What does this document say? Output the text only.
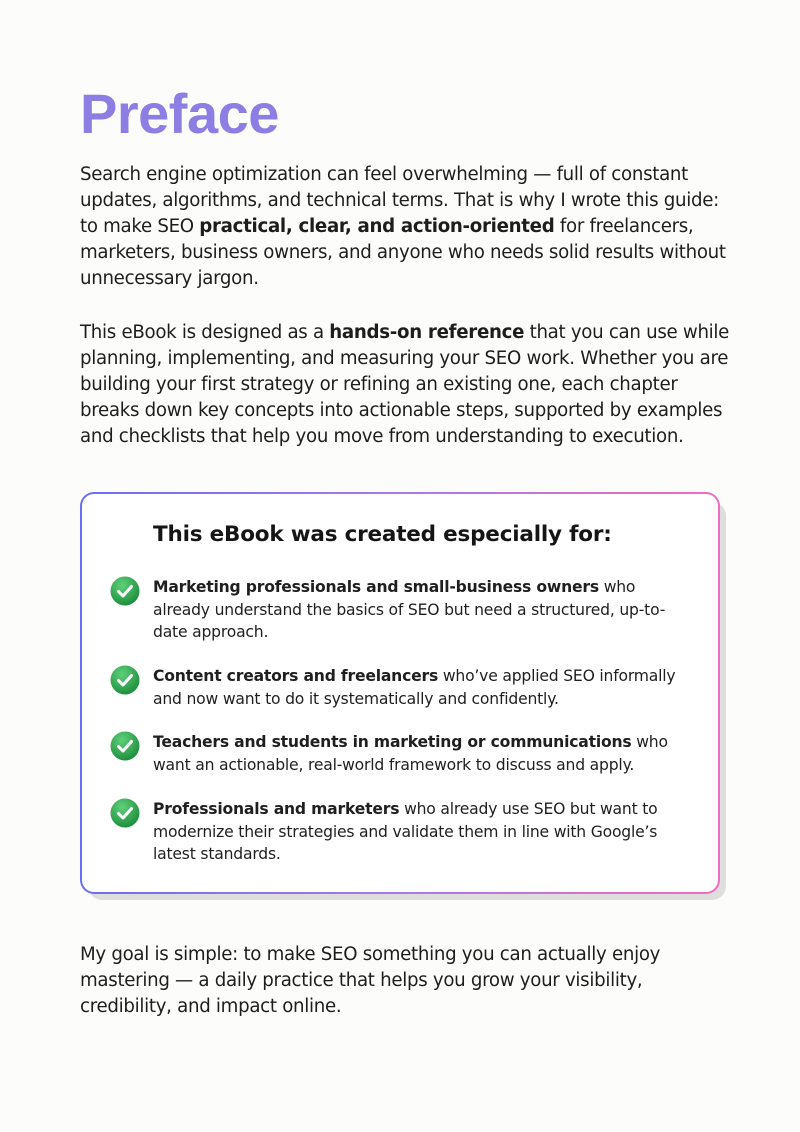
Preface

Search engine optimization can feel overwhelming — full of constant updates, algorithms, and technical terms. That is why I wrote this guide: to make SEO practical, clear, and action-oriented for freelancers, marketers, business owners, and anyone who needs solid results without unnecessary jargon.

This eBook is designed as a hands-on reference that you can use while planning, implementing, and measuring your SEO work. Whether you are building your first strategy or refining an existing one, each chapter breaks down key concepts into actionable steps, supported by examples and checklists that help you move from understanding to execution.

This eBook was created especially for:
Marketing professionals and small-business owners who already understand the basics of SEO but need a structured, up-to-date approach.
Content creators and freelancers who’ve applied SEO informally and now want to do it systematically and confidently.
Teachers and students in marketing or communications who want an actionable, real-world framework to discuss and apply.
Professionals and marketers who already use SEO but want to modernize their strategies and validate them in line with Google’s latest standards.

My goal is simple: to make SEO something you can actually enjoy mastering — a daily practice that helps you grow your visibility, credibility, and impact online.
